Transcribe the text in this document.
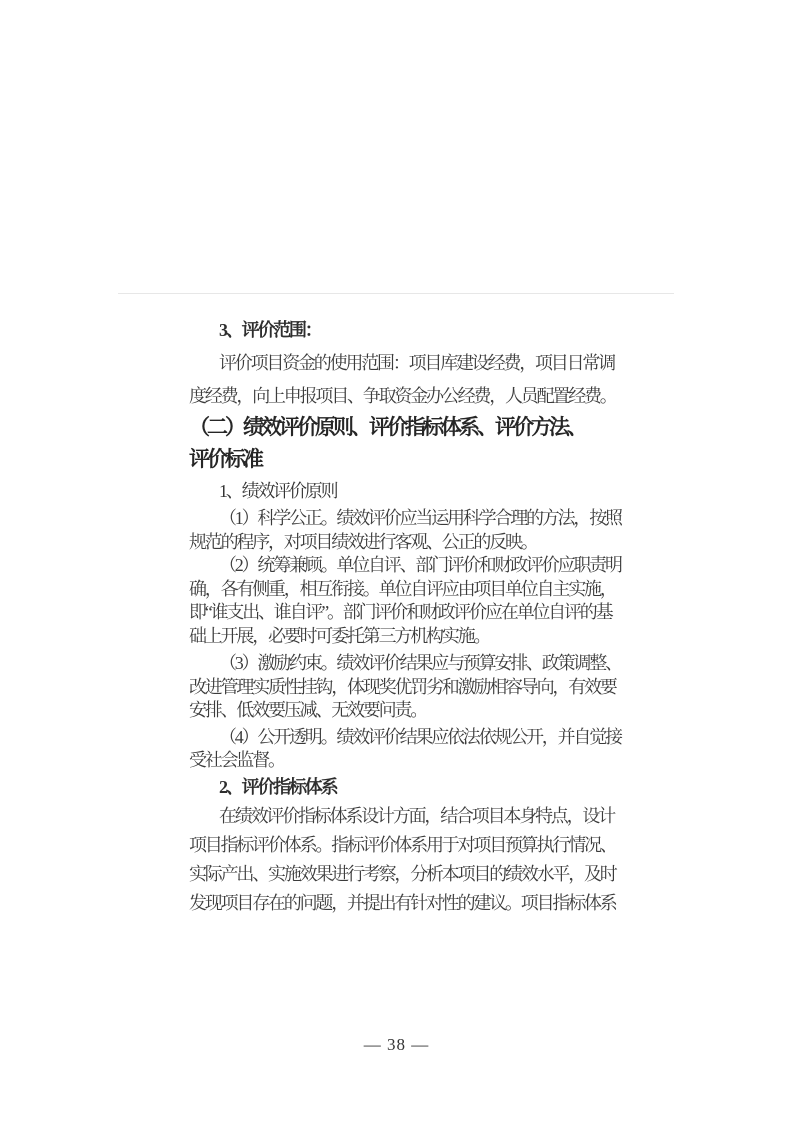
3、评价范围：
评价项目资金的使用范围：项目库建设经费，项目日常调
度经费，向上申报项目、争取资金办公经费，人员配置经费。
（二）绩效评价原则、评价指标体系、评价方法、
评价标准
1、绩效评价原则
（1）科学公正。绩效评价应当运用科学合理的方法，按照
规范的程序，对项目绩效进行客观、公正的反映。
（2）统筹兼顾。单位自评、部门评价和财政评价应职责明
确，各有侧重，相互衔接。单位自评应由项目单位自主实施，
即“谁支出、谁自评”。部门评价和财政评价应在单位自评的基
础上开展，必要时可委托第三方机构实施。
（3）激励约束。绩效评价结果应与预算安排、政策调整、
改进管理实质性挂钩，体现奖优罚劣和激励相容导向，有效要
安排、低效要压减、无效要问责。
（4）公开透明。绩效评价结果应依法依规公开，并自觉接
受社会监督。
2、评价指标体系
在绩效评价指标体系设计方面，结合项目本身特点，设计
项目指标评价体系。指标评价体系用于对项目预算执行情况、
实际产出、实施效果进行考察，分析本项目的绩效水平，及时
发现项目存在的问题，并提出有针对性的建议。项目指标体系
— 38 —
